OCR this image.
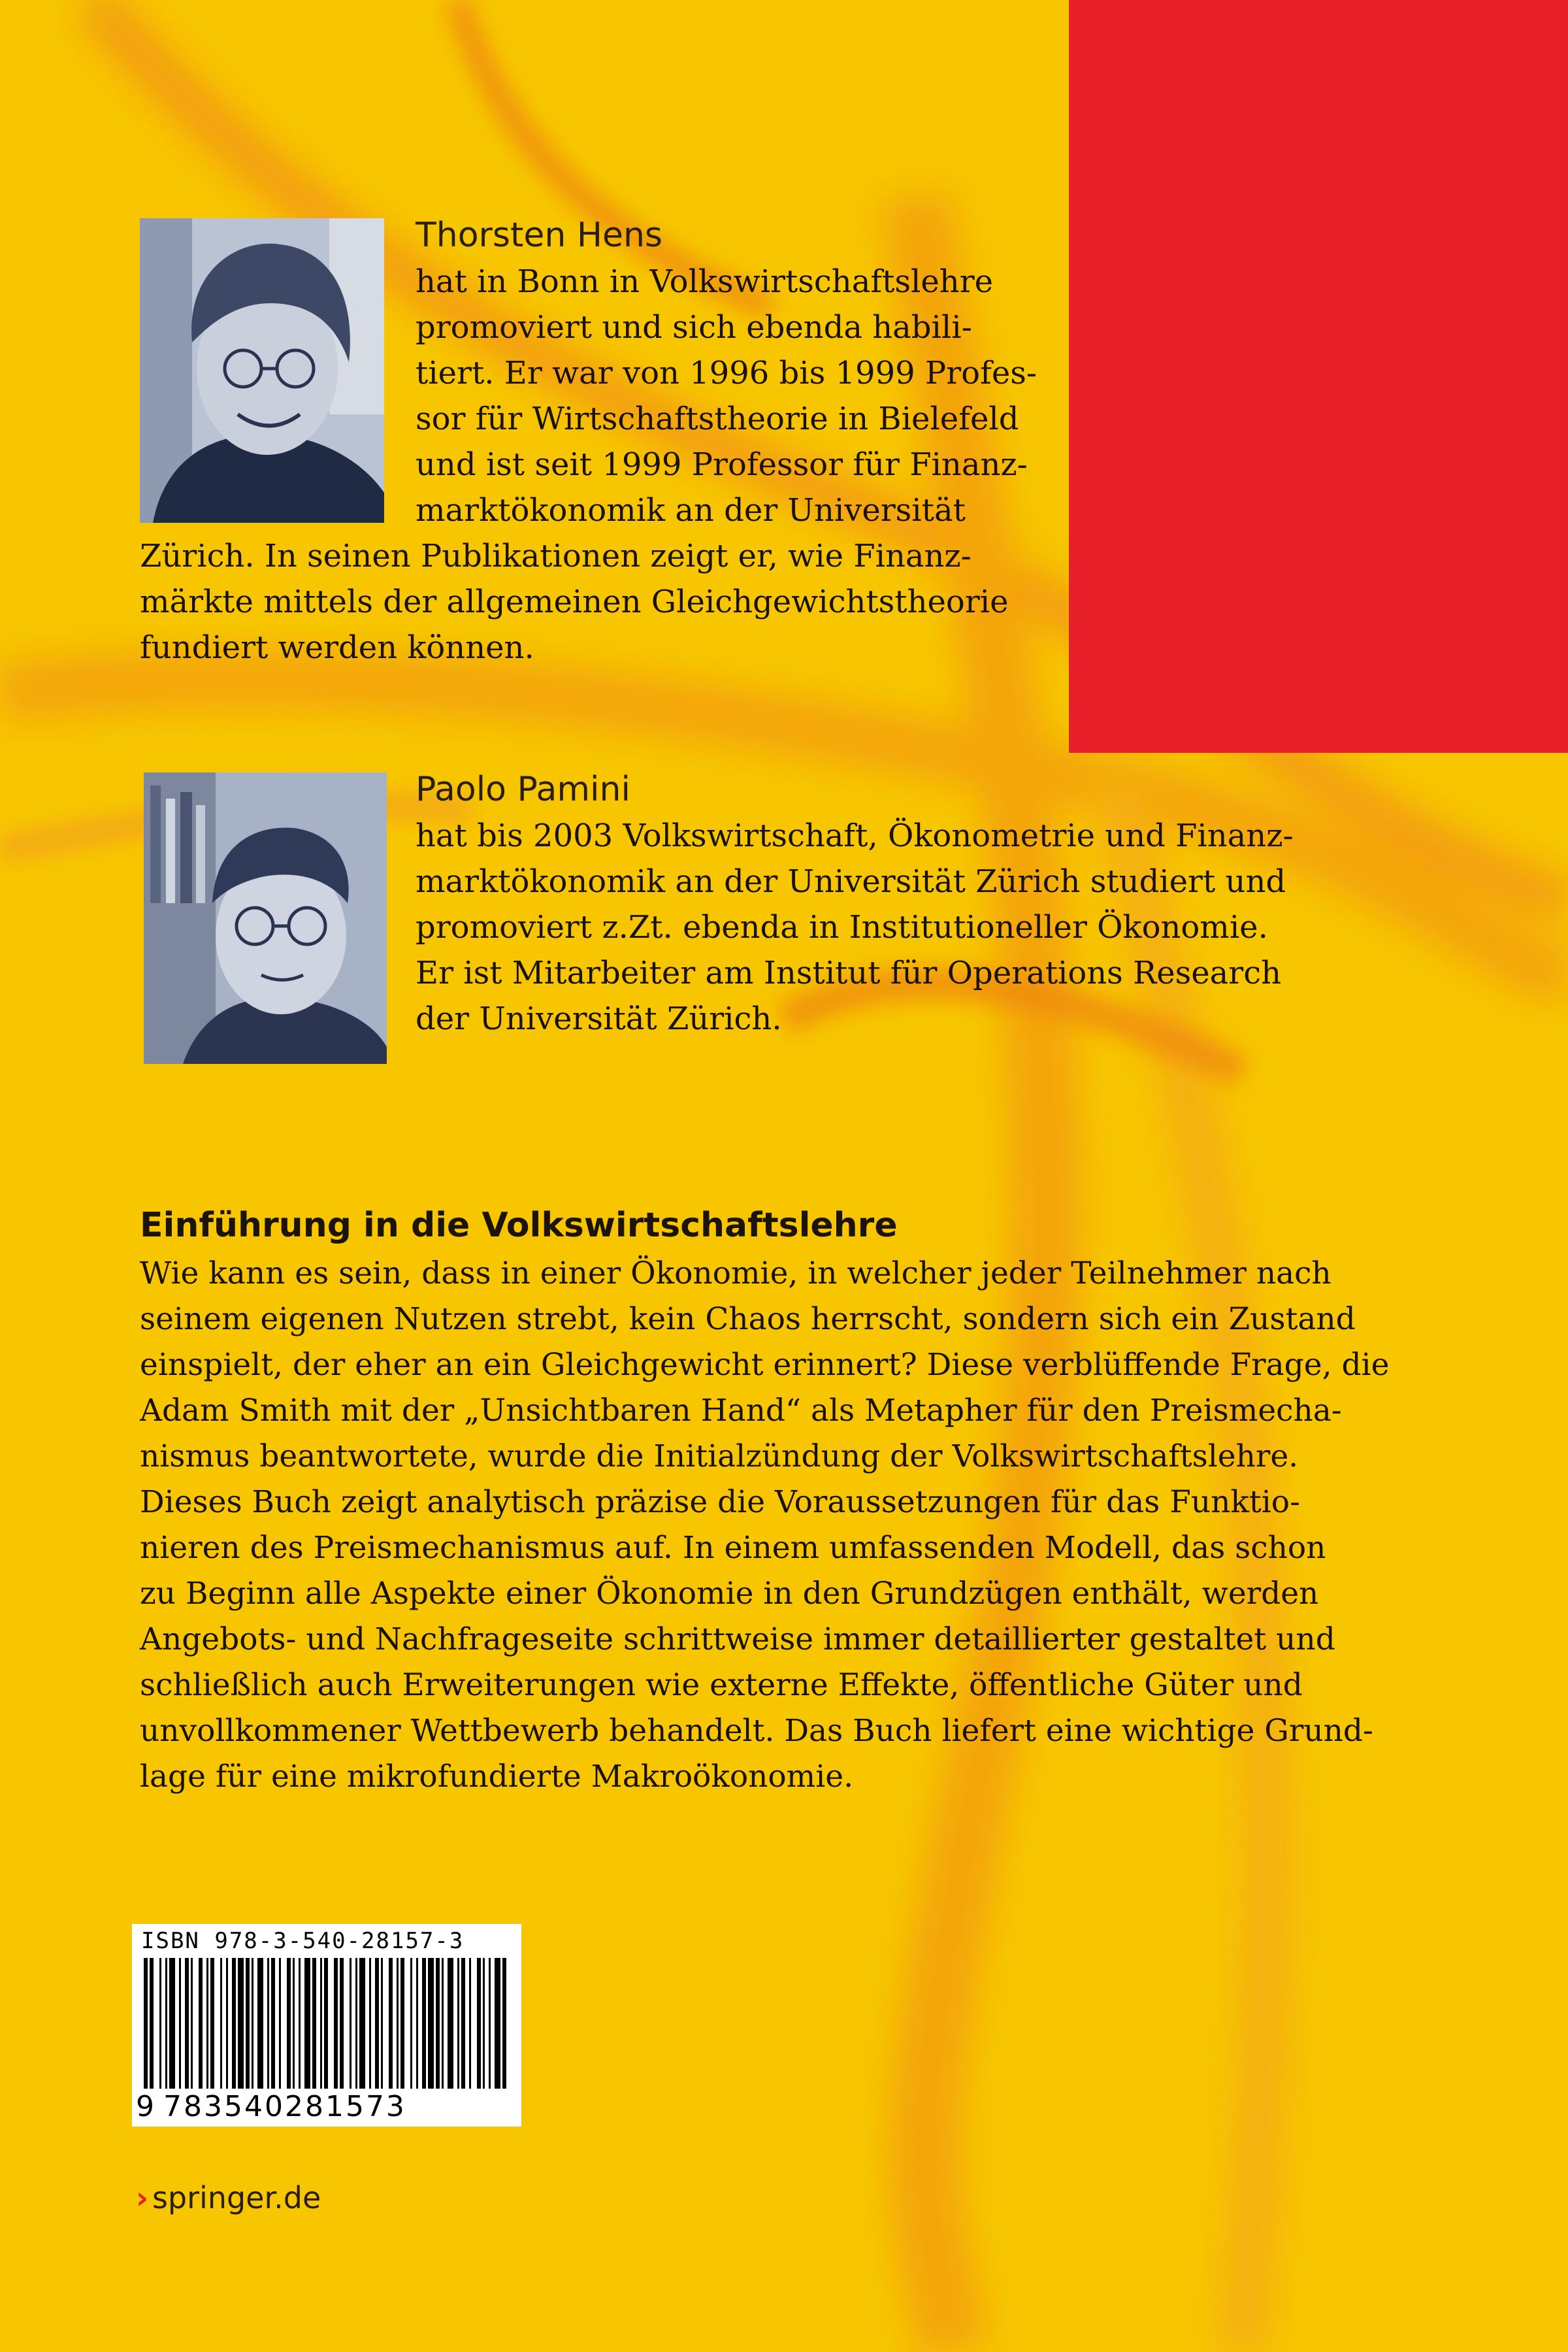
Thorsten Hens
hat in Bonn in Volkswirtschaftslehre
promoviert und sich ebenda habili-
tiert. Er war von 1996 bis 1999 Profes-
sor für Wirtschaftstheorie in Bielefeld
und ist seit 1999 Professor für Finanz-
marktökonomik an der Universität
Zürich. In seinen Publikationen zeigt er, wie Finanz-
märkte mittels der allgemeinen Gleichgewichtstheorie
fundiert werden können.
Paolo Pamini
hat bis 2003 Volkswirtschaft, Ökonometrie und Finanz-
marktökonomik an der Universität Zürich studiert und
promoviert z.Zt. ebenda in Institutioneller Ökonomie.
Er ist Mitarbeiter am Institut für Operations Research
der Universität Zürich.
Einführung in die Volkswirtschaftslehre
Wie kann es sein, dass in einer Ökonomie, in welcher jeder Teilnehmer nach
seinem eigenen Nutzen strebt, kein Chaos herrscht, sondern sich ein Zustand
einspielt, der eher an ein Gleichgewicht erinnert? Diese verblüffende Frage, die
Adam Smith mit der „Unsichtbaren Hand“ als Metapher für den Preismecha-
nismus beantwortete, wurde die Initialzündung der Volkswirtschaftslehre.
Dieses Buch zeigt analytisch präzise die Voraussetzungen für das Funktio-
nieren des Preismechanismus auf. In einem umfassenden Modell, das schon
zu Beginn alle Aspekte einer Ökonomie in den Grundzügen enthält, werden
Angebots- und Nachfrageseite schrittweise immer detaillierter gestaltet und
schließlich auch Erweiterungen wie externe Effekte, öffentliche Güter und
unvollkommener Wettbewerb behandelt. Das Buch liefert eine wichtige Grund-
lage für eine mikrofundierte Makroökonomie.
ISBN 978-3-540-28157-3
9 783540281573
› springer.de
